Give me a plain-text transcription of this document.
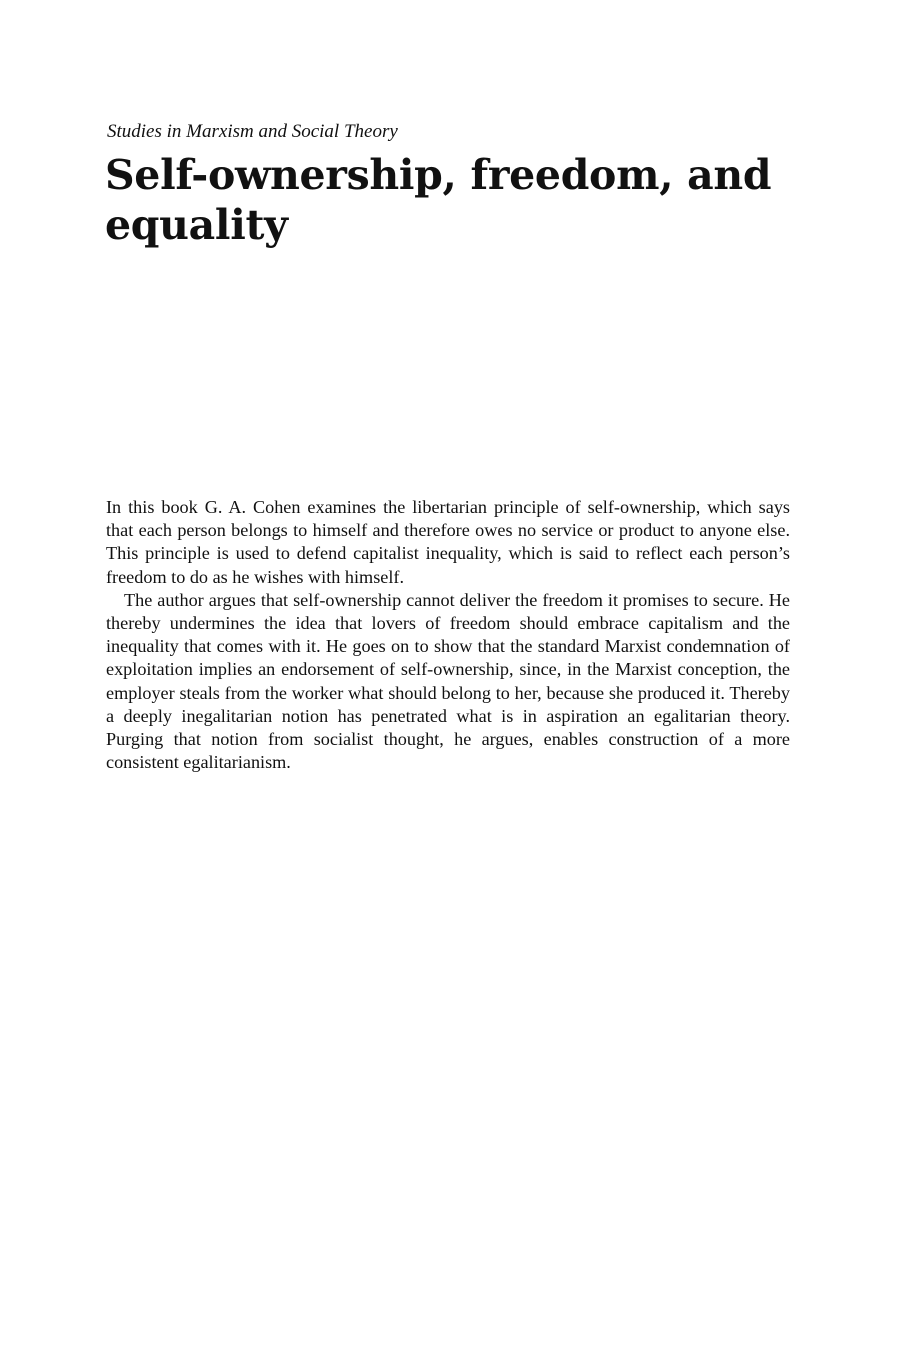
Studies in Marxism and Social Theory

Self-ownership, freedom, and equality

In this book G. A. Cohen examines the libertarian principle of self-ownership, which says that each person belongs to himself and therefore owes no service or product to anyone else. This principle is used to defend capitalist inequality, which is said to reflect each person’s freedom to do as he wishes with himself.

The author argues that self-ownership cannot deliver the freedom it promises to secure. He thereby undermines the idea that lovers of freedom should embrace capitalism and the inequality that comes with it. He goes on to show that the standard Marxist condemnation of exploitation implies an endorsement of self-ownership, since, in the Marxist conception, the employer steals from the worker what should belong to her, because she produced it. Thereby a deeply inegalitarian notion has penetrated what is in aspiration an egalitarian theory. Purging that notion from socialist thought, he argues, enables construction of a more consistent egalitarianism.
